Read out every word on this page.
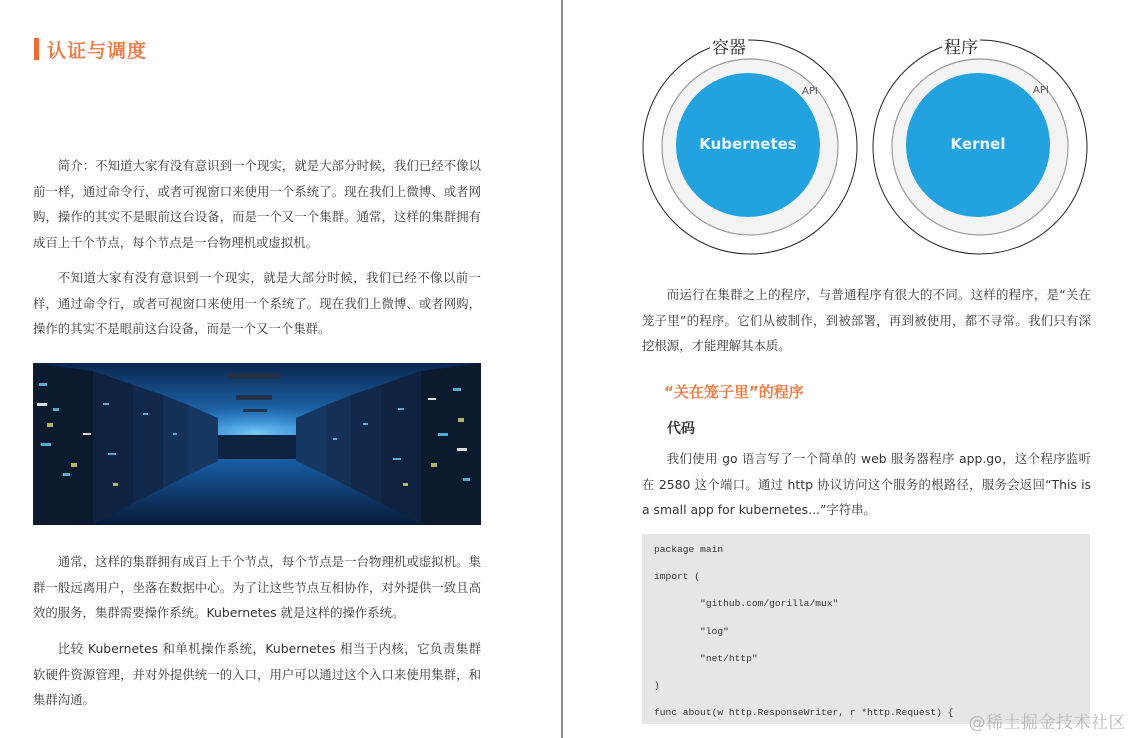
认证与调度

简介：不知道大家有没有意识到一个现实，就是大部分时候，我们已经不像以前一样，通过命令行，或者可视窗口来使用一个系统了。现在我们上微博、或者网购，操作的其实不是眼前这台设备，而是一个又一个集群。通常，这样的集群拥有成百上千个节点，每个节点是一台物理机或虚拟机。

不知道大家有没有意识到一个现实，就是大部分时候，我们已经不像以前一样，通过命令行，或者可视窗口来使用一个系统了。现在我们上微博、或者网购，操作的其实不是眼前这台设备，而是一个又一个集群。

通常，这样的集群拥有成百上千个节点，每个节点是一台物理机或虚拟机。集群一般远离用户，坐落在数据中心。为了让这些节点互相协作，对外提供一致且高效的服务，集群需要操作系统。Kubernetes 就是这样的操作系统。

比较 Kubernetes 和单机操作系统，Kubernetes 相当于内核，它负责集群软硬件资源管理，并对外提供统一的入口，用户可以通过这个入口来使用集群，和集群沟通。

容器
API
Kubernetes
程序
API
Kernel

而运行在集群之上的程序，与普通程序有很大的不同。这样的程序，是“关在笼子里”的程序。它们从被制作，到被部署，再到被使用，都不寻常。我们只有深挖根源，才能理解其本质。

“关在笼子里”的程序
代码

我们使用 go 语言写了一个简单的 web 服务器程序 app.go，这个程序监听在 2580 这个端口。通过 http 协议访问这个服务的根路径，服务会返回“This is a small app for kubernetes...”字符串。

package main
import (
"github.com/gorilla/mux"
"log"
"net/http"
)
func about(w http.ResponseWriter, r *http.Request) {
@稀土掘金技术社区
